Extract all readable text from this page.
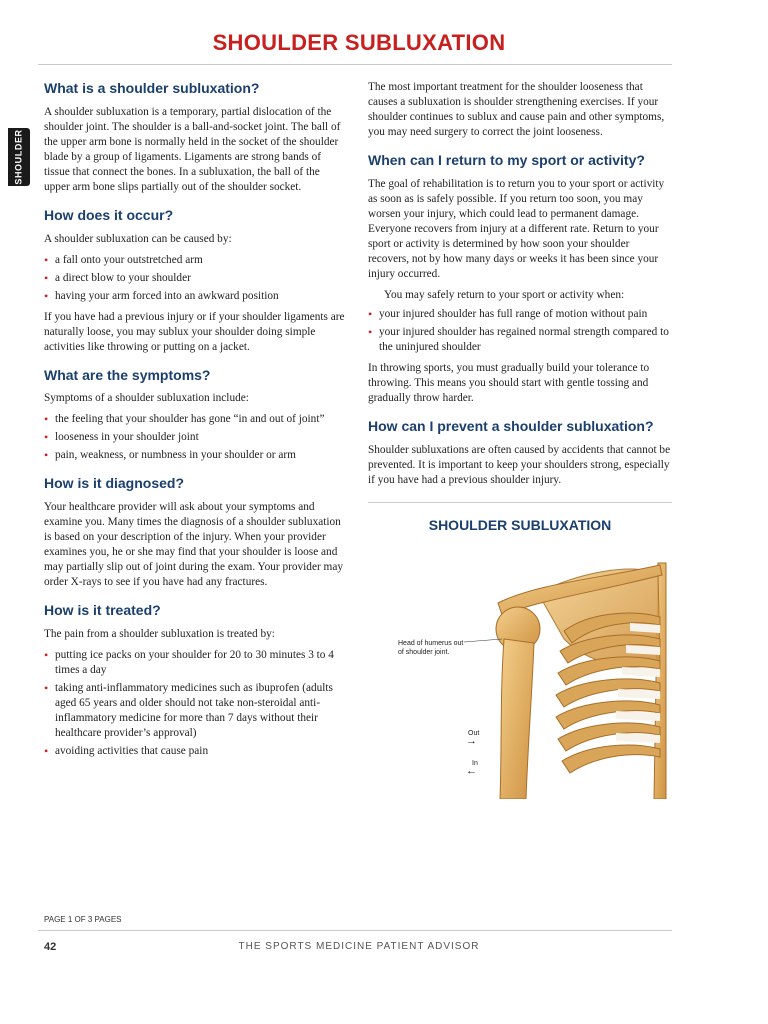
SHOULDER SUBLUXATION
SHOULDER
What is a shoulder subluxation?

A shoulder subluxation is a temporary, partial dislocation of the shoulder joint. The shoulder is a ball-and-socket joint. The ball of the upper arm bone is normally held in the socket of the shoulder blade by a group of ligaments. Ligaments are strong bands of tissue that connect the bones. In a subluxation, the ball of the upper arm bone slips partially out of the shoulder socket.

How does it occur?

A shoulder subluxation can be caused by:

• a fall onto your outstretched arm
• a direct blow to your shoulder
• having your arm forced into an awkward position

If you have had a previous injury or if your shoulder ligaments are naturally loose, you may sublux your shoulder doing simple activities like throwing or putting on a jacket.

What are the symptoms?

Symptoms of a shoulder subluxation include:

• the feeling that your shoulder has gone “in and out of joint”
• looseness in your shoulder joint
• pain, weakness, or numbness in your shoulder or arm
How is it diagnosed?

Your healthcare provider will ask about your symptoms and examine you. Many times the diagnosis of a shoulder subluxation is based on your description of the injury. When your provider examines you, he or she may find that your shoulder is loose and may partially slip out of joint during the exam. Your provider may order X-rays to see if you have had any fractures.

How is it treated?

The pain from a shoulder subluxation is treated by:

• putting ice packs on your shoulder for 20 to 30 minutes 3 to 4 times a day
• taking anti-inflammatory medicines such as ibuprofen (adults aged 65 years and older should not take non-steroidal anti-inflammatory medicine for more than 7 days without their healthcare provider’s approval)
• avoiding activities that cause pain

The most important treatment for the shoulder looseness that causes a subluxation is shoulder strengthening exercises. If your shoulder continues to sublux and cause pain and other symptoms, you may need surgery to correct the joint looseness.

When can I return to my sport or activity?

The goal of rehabilitation is to return you to your sport or activity as soon as is safely possible. If you return too soon, you may worsen your injury, which could lead to permanent damage. Everyone recovers from injury at a different rate. Return to your sport or activity is determined by how soon your shoulder recovers, not by how many days or weeks it has been since your injury occurred.

You may safely return to your sport or activity when:

• your injured shoulder has full range of motion without pain
• your injured shoulder has regained normal strength compared to the uninjured shoulder

In throwing sports, you must gradually build your tolerance to throwing. This means you should start with gentle tossing and gradually throw harder.

How can I prevent a shoulder subluxation?

Shoulder subluxations are often caused by accidents that cannot be prevented. It is important to keep your shoulders strong, especially if you have had a previous shoulder injury.

SHOULDER SUBLUXATION
Head of humerus out of shoulder joint.
Out
→
In
←
PAGE 1 OF 3 PAGES
42	THE SPORTS MEDICINE PATIENT ADVISOR
